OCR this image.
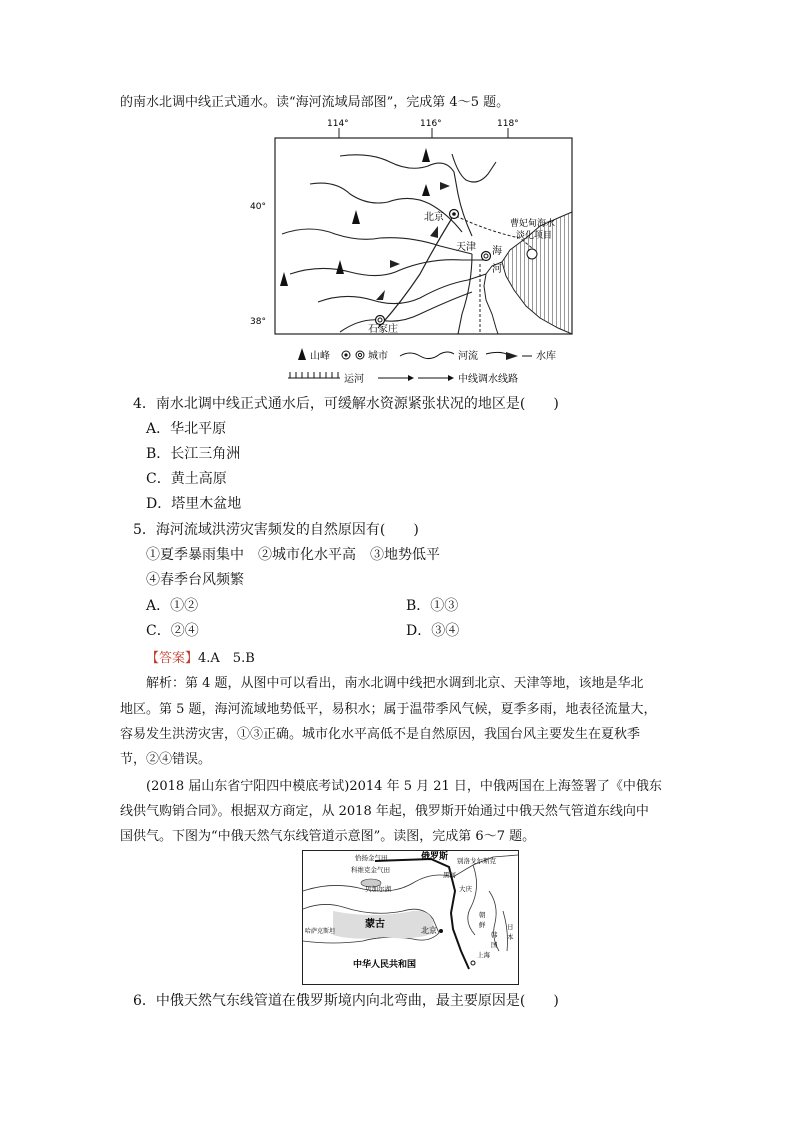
的南水北调中线正式通水。读“海河流域局部图”，完成第 4～5 题。
114°	116°	118°
40°
38°
北京
天津
石家庄
海
河
曹妃甸海水
淡化项目
山峰	城市	河流	水库
运河	中线调水线路
4．南水北调中线正式通水后，可缓解水资源紧张状况的地区是(　　)
A．华北平原
B．长江三角洲
C．黄土高原
D．塔里木盆地
5．海河流域洪涝灾害频发的自然原因有(　　)
①夏季暴雨集中　②城市化水平高　③地势低平
④春季台风频繁
A．①②	B．①③
C．②④	D．③④
【答案】4.A　5.B
解析：第 4 题，从图中可以看出，南水北调中线把水调到北京、天津等地，该地是华北
地区。第 5 题，海河流域地势低平，易积水；属于温带季风气候，夏季多雨，地表径流量大，
容易发生洪涝灾害，①③正确。城市化水平高低不是自然原因，我国台风主要发生在夏秋季
节，②④错误。
(2018 届山东省宁阳四中模底考试)2014 年 5 月 21 日，中俄两国在上海签署了《中俄东
线供气购销合同》。根据双方商定，从 2018 年起，俄罗斯开始通过中俄天然气管道东线向中
国供气。下图为“中俄天然气东线管道示意图”。读图，完成第 6～7 题。
恰扬金气田
科维克金气田
贝加尔湖
俄罗斯 别洛戈尔斯克
黑河
大庆
蒙古
北京
上海
哈萨克斯坦
中华人民共和国
朝
鲜
韩
国
日
本
6．中俄天然气东线管道在俄罗斯境内向北弯曲，最主要原因是(　　)
